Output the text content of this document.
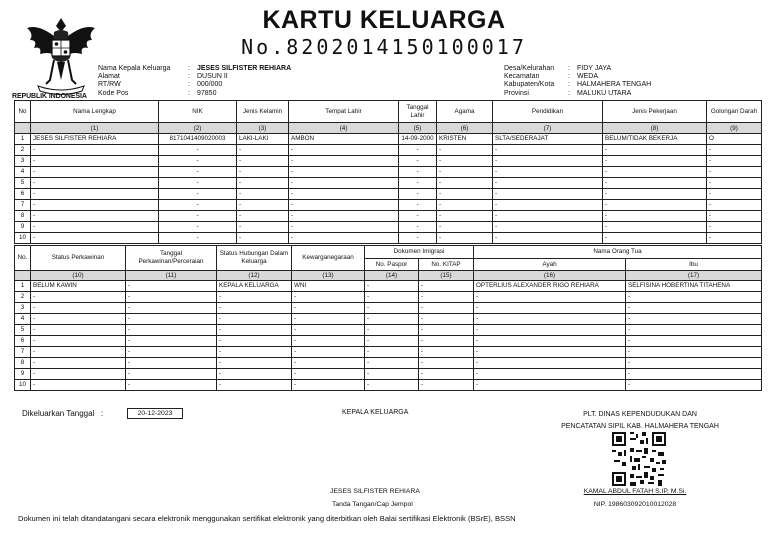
REPUBLIK INDONESIA
KARTU KELUARGA
No.8202014150100017
Nama Kepala Keluarga	:	JESES SILFISTER REHIARA
Alamat	:	DUSUN II
RT/RW	:	000/000
Kode Pos	:	97850
Desa/Kelurahan	:	FIDY JAYA
Kecamatan	:	WEDA
Kabupaten/Kota	:	HALMAHERA TENGAH
Provinsi	:	MALUKU UTARA
No	Nama Lengkap	NIK	Jenis Kelamin	Tempat Lahir	Tanggal Lahir	Agama	Pendidikan	Jenis Pekerjaan	Golongan Darah
	(1)	(2)	(3)	(4)	(5)	(6)	(7)	(8)	(9)
1	JESES SILFISTER REHIARA	8171041409020003	LAKI-LAKI	AMBON	14-09-2000	KRISTEN	SLTA/SEDERAJAT	BELUM/TIDAK BEKERJA	O
2	-	-	-	-	-	-	-	-	-
3	-	-	-	-	-	-	-	-	-
4	-	-	-	-	-	-	-	-	-
5	-	-	-	-	-	-	-	-	-
6	-	-	-	-	-	-	-	-	-
7	-	-	-	-	-	-	-	-	-
8	-	-	-	-	-	-	-	-	-
9	-	-	-	-	-	-	-	-	-
10	-	-	-	-	-	-	-	-	-
No.	Status Perkawinan	Tanggal Perkawinan/Perceraian	Status Hubungan Dalam Keluarga	Kewarganegaraan	Dokumen Imigrasi		Nama Orang Tua	
					No. Paspor	No. KITAP	Ayah	Ibu
	(10)	(11)	(12)	(13)	(14)	(15)	(16)	(17)
1	BELUM KAWIN	-	KEPALA KELUARGA	WNI	-	-	OPTERLIUS ALEXANDER RIGO REHIARA	SELFISINA HOBERTINA TITAHENA
2	-	-	-	-	-	-	-	-
3	-	-	-	-	-	-	-	-
4	-	-	-	-	-	-	-	-
5	-	-	-	-	-	-	-	-
6	-	-	-	-	-	-	-	-
7	-	-	-	-	-	-	-	-
8	-	-	-	-	-	-	-	-
9	-	-	-	-	-	-	-	-
10	-	-	-	-	-	-	-	-
Dikeluarkan Tanggal :	20-12-2023	KEPALA KELUARGA	PLT. DINAS KEPENDUDUKAN DAN
PENCATATAN SIPIL KAB. HALMAHERA TENGAH
JESES SILFISTER REHIARA
Tanda Tangan/Cap Jempol
KAMAL ABDUL FATAH S.IP, M.Si.
NIP. 198603092010012028
Dokumen ini telah ditandatangani secara elektronik menggunakan sertifikat elektronik yang diterbitkan oleh Balai sertifikasi Elektronik (BSrE), BSSN
